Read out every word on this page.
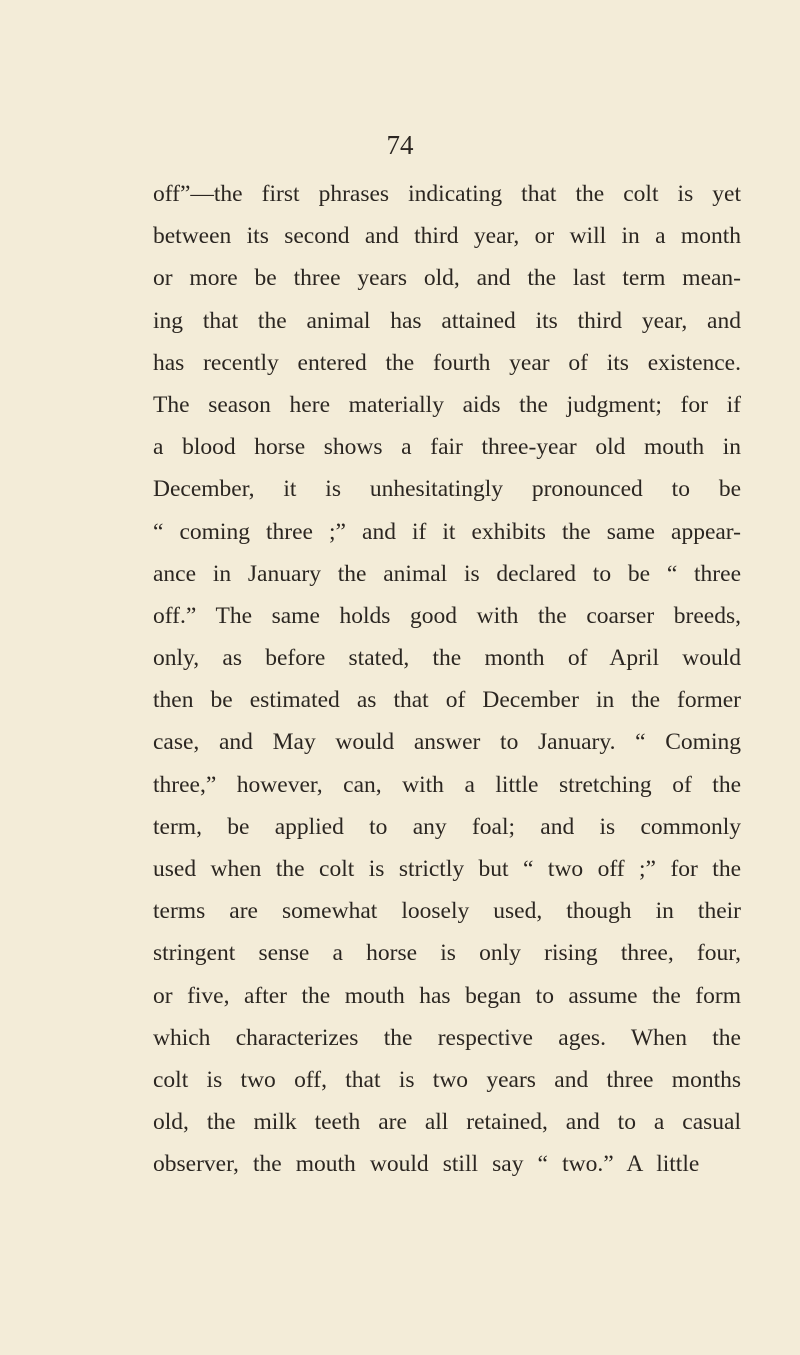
74
off”—the first phrases indicating that the colt is yet
between its second and third year, or will in a month
or more be three years old, and the last term mean-
ing that the animal has attained its third year, and
has recently entered the fourth year of its existence.
The season here materially aids the judgment; for if
a blood horse shows a fair three-year old mouth in
December, it is unhesitatingly pronounced to be
“ coming three ;” and if it exhibits the same appear-
ance in January the animal is declared to be “ three
off.” The same holds good with the coarser breeds,
only, as before stated, the month of April would
then be estimated as that of December in the former
case, and May would answer to January. “ Coming
three,” however, can, with a little stretching of the
term, be applied to any foal; and is commonly
used when the colt is strictly but “ two off ;” for the
terms are somewhat loosely used, though in their
stringent sense a horse is only rising three, four,
or five, after the mouth has began to assume the form
which characterizes the respective ages. When the
colt is two off, that is two years and three months
old, the milk teeth are all retained, and to a casual
observer, the mouth would still say “ two.” A little
